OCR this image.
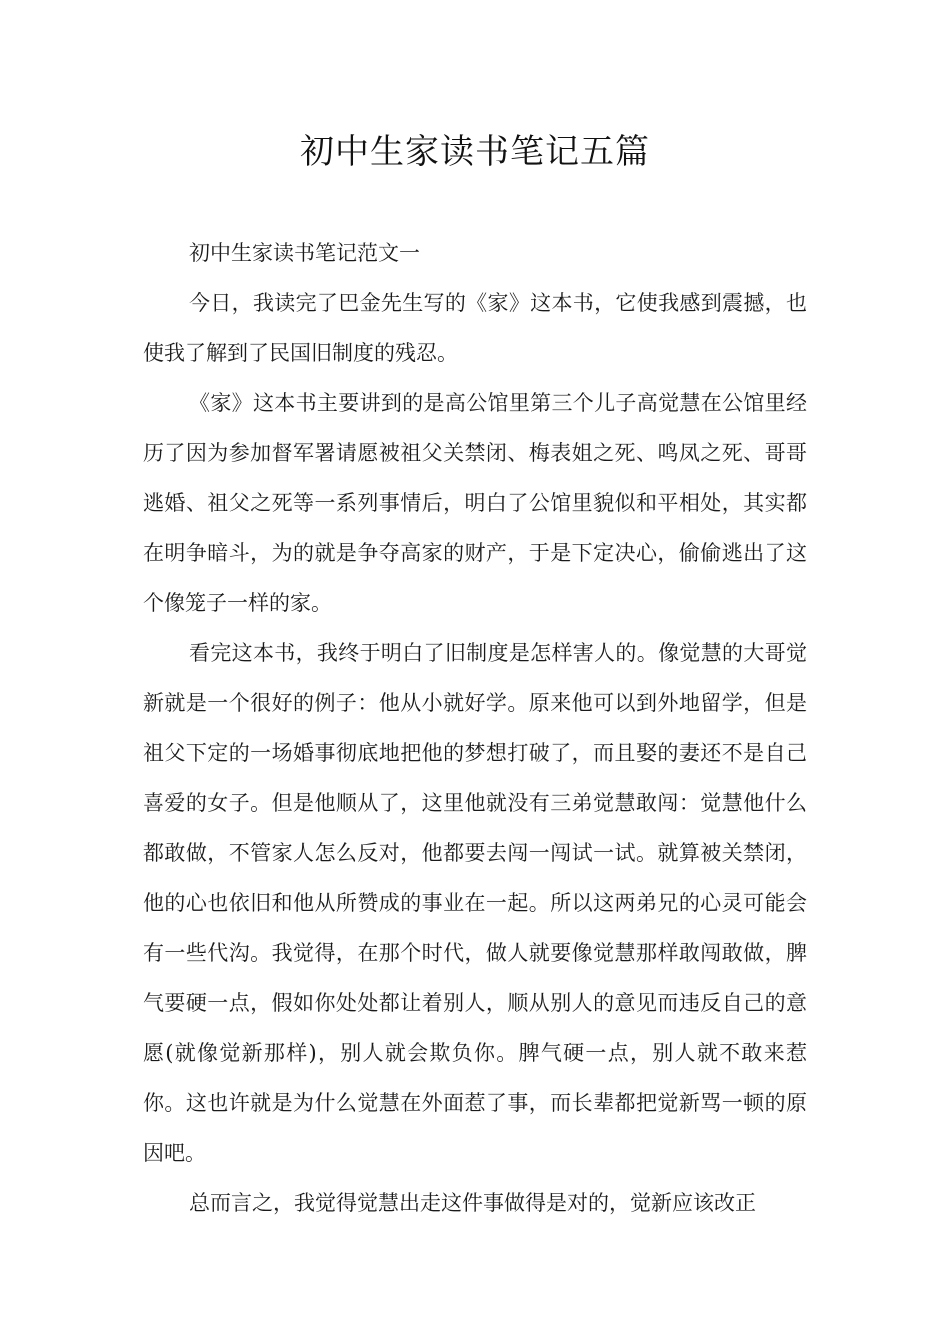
初中生家读书笔记五篇

初中生家读书笔记范文一

今日，我读完了巴金先生写的《家》这本书，它使我感到震撼，也使我了解到了民国旧制度的残忍。

《家》这本书主要讲到的是高公馆里第三个儿子高觉慧在公馆里经历了因为参加督军署请愿被祖父关禁闭、梅表姐之死、鸣凤之死、哥哥逃婚、祖父之死等一系列事情后，明白了公馆里貌似和平相处，其实都在明争暗斗，为的就是争夺高家的财产，于是下定决心，偷偷逃出了这个像笼子一样的家。

看完这本书，我终于明白了旧制度是怎样害人的。像觉慧的大哥觉新就是一个很好的例子：他从小就好学。原来他可以到外地留学，但是祖父下定的一场婚事彻底地把他的梦想打破了，而且娶的妻还不是自己喜爱的女子。但是他顺从了，这里他就没有三弟觉慧敢闯：觉慧他什么都敢做，不管家人怎么反对，他都要去闯一闯试一试。就算被关禁闭，他的心也依旧和他从所赞成的事业在一起。所以这两弟兄的心灵可能会有一些代沟。我觉得，在那个时代，做人就要像觉慧那样敢闯敢做，脾气要硬一点，假如你处处都让着别人，顺从别人的意见而违反自己的意愿(就像觉新那样)，别人就会欺负你。脾气硬一点，别人就不敢来惹你。这也许就是为什么觉慧在外面惹了事，而长辈都把觉新骂一顿的原因吧。

总而言之，我觉得觉慧出走这件事做得是对的，觉新应该改正
